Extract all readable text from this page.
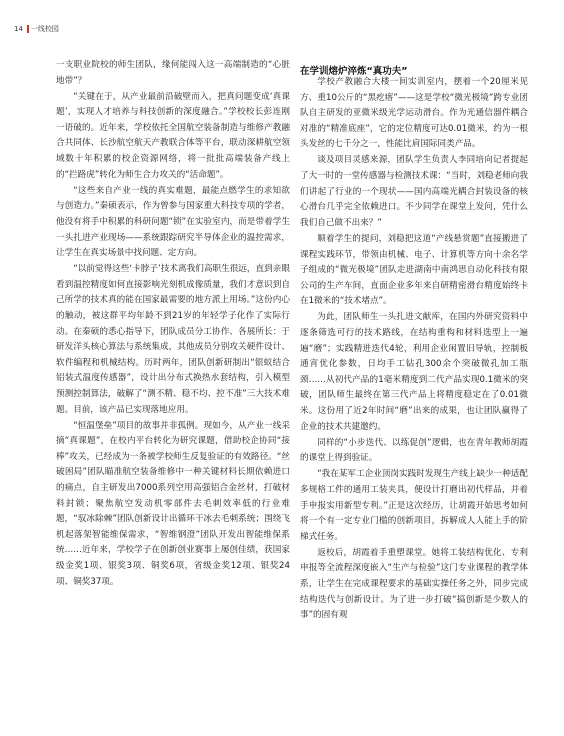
14 一线校园

一支职业院校的师生团队，缘何能闯入这一高端制造的“心脏地带”？

“关键在于，从产业最前沿破壁而入，把真问题变成‘真课题’，实现人才培养与科技创新的深度融合。”学校校长彭连刚一语破的。近年来，学校依托全国航空装备制造与维修产教融合共同体、长沙航空航天产教联合体等平台，联动深耕航空领域数十年积累的校企资源网络，将一批批高端装备产线上的“拦路虎”转化为师生合力攻关的“活命题”。

“这些来自产业一线的真实难题，最能点燃学生的求知欲与创造力。”秦硕表示，作为曾参与国家重大科技专项的学者，他没有将手中积累的科研问题“锁”在实验室内，而是带着学生一头扎进产业现场——系统跟踪研究半导体企业的温控需求，让学生在真实场景中找问题、定方向。

“以前觉得这些‘卡脖子’技术离我们高职生很远，直到亲眼看到温控精度如何直接影响光刻机成像质量，我们才意识到自己所学的技术真的能在国家最需要的地方派上用场。”这份内心的触动，被这群平均年龄不到21岁的年轻学子化作了实际行动。在秦硕的悉心指导下，团队成员分工协作、各展所长：于研发洋头核心算法与系统集成，其他成员分别攻关硬件设计、软件编程和机械结构。历时两年，团队创新研制出“银蚁结合铝装式温度传感器”，设计出分布式换热水套结构，引入模型预测控制算法，破解了“测不精、稳不均、控不准”三大技术难题。目前，该产品已实现落地应用。

“恒温堡垒”项目的故事并非孤例。现如今，从产业一线采摘“真课题”，在校内平台转化为研究课题，借助校企协同“接棒”攻关，已经成为一条被学校师生反复验证的有效路径。“丝破困局”团队瞄准航空装备维修中一种关键材料长期依赖进口的痛点，自主研发出7000系列空用高强铝合金丝材，打破材料封锁；聚焦航空发动机零部件去毛刺效率低的行业难题，“驭冰除棘”团队创新设计出循环干冰去毛刺系统；围绕飞机起落架智能维保需求，“智维钢澄”团队开发出智能维保系统……近年来，学校学子在创新创业赛事上屡创佳绩，获国家级金奖1项、银奖3项、铜奖6项，省级金奖12项、银奖24项、铜奖37项。

在学训熔炉淬炼“真功夫”

学校产教融合大楼一间实训室内，摆着一个20厘米见方、重10公斤的“黑疙瘩”——这是学校“微光极境”跨专业团队自主研发的亚微米级光学运动滑台。作为光通信器件耦合对准的“精准底座”，它的定位精度可达0.01微米，约为一根头发丝的七千分之一，性能比肩国际同类产品。

谈及项目灵感来源，团队学生负责人李同培向记者提起了大一时的一堂传感器与检测技术课：“当时，刘稳老师向我们讲起了行业的一个现状——国内高端光耦合封装设备的核心滑台几乎完全依赖进口。不少同学在课堂上发问，凭什么我们自己做不出来？”

顺着学生的提问，刘稳把这道“产线悬赏题”直接搬进了课程实践环节，带领由机械、电子、计算机等方向十余名学子组成的“微光极境”团队走进湖南中南鸿思自动化科技有限公司的生产车间，直面企业多年来自研精密滑台精度始终卡在1微米的“技术堵点”。

为此，团队师生一头扎进文献库，在国内外研究资料中逐条筛选可行的技术路线，在结构重构和材料选型上一遍遍“磨”；实践精进迭代4轮，利用企业闲置旧导轨，控制板通宵优化参数，日均手工钻孔300余个突破微孔加工瓶颈……从初代产品的1毫米精度到二代产品实现0.1微米的突破，团队师生最终在第三代产品上将精度稳定在了0.01微米。这份用了近2年时间“磨”出来的成果，也让团队赢得了企业的技术共建邀约。

同样的“小步迭代、以练促创”逻辑，也在青年教师胡霞的课堂上得到验证。

“我在某军工企业顶岗实践时发现生产线上缺少一种适配多规格工件的通用工装夹具，便设计打磨出初代样品，并着手申报实用新型专利。”正是这次经历，让胡霞开始思考如何将一个有一定专业门槛的创新项目，拆解成人人能上手的阶梯式任务。

返校后，胡霞着手重塑课堂。她将工装结构优化、专利申报等全流程深度嵌入“生产与检验”这门专业课程的教学体系，让学生在完成课程要求的基础实操任务之外，同步完成结构迭代与创新设计。为了进一步打破“搞创新是少数人的事”的固有观
